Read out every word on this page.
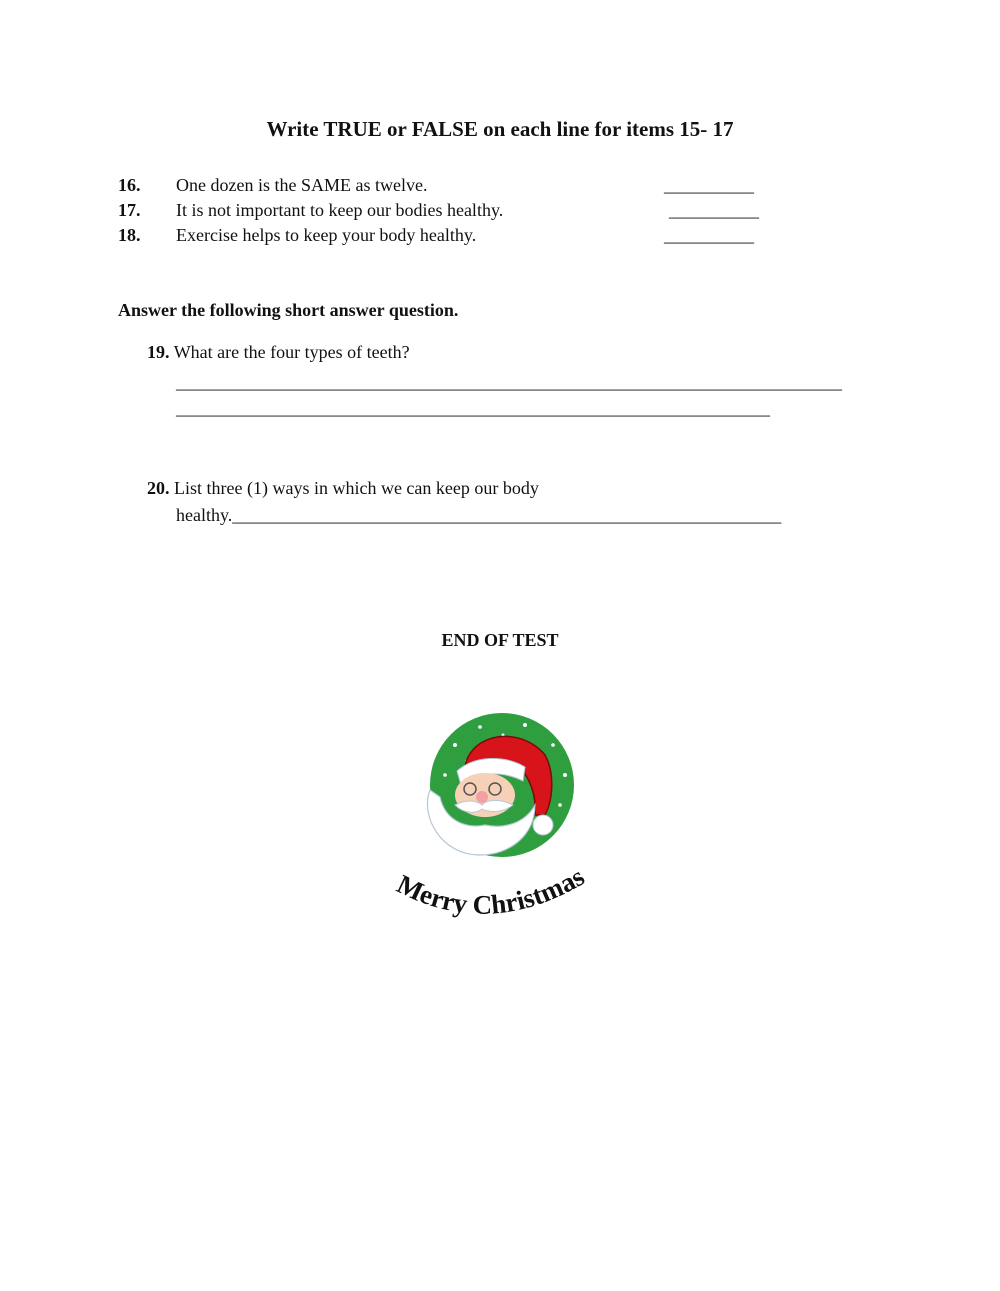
Write TRUE or FALSE on each line for items 15- 17
16. One dozen is the SAME as twelve.	__________
17. It is not important to keep our bodies healthy.	__________
18. Exercise helps to keep your body healthy.	__________
Answer the following short answer question.
19. What are the four types of teeth?
__________________________________________________________________________
__________________________________________________________________
20. List three (1) ways in which we can keep our body
healthy._____________________________________________________________
END OF TEST
Merry Christmas
